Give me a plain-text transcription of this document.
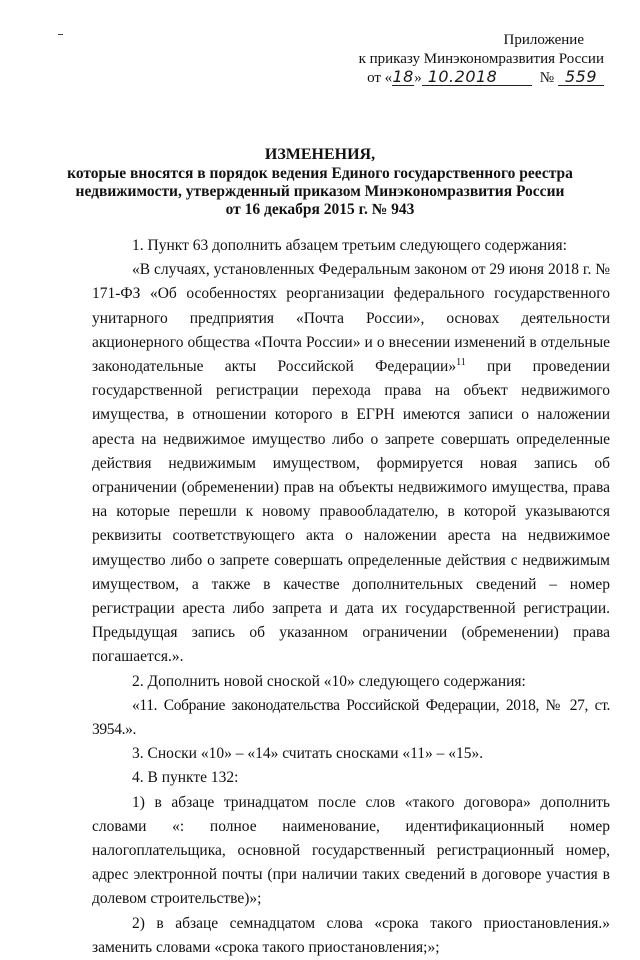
Приложение
к приказу Минэкономразвития России
от « 18 » 10.2018	№ 559
ИЗМЕНЕНИЯ,
которые вносятся в порядок ведения Единого государственного реестра
недвижимости, утвержденный приказом Минэкономразвития России
от 16 декабря 2015 г. № 943

1. Пункт 63 дополнить абзацем третьим следующего содержания:

«В случаях, установленных Федеральным законом от 29 июня 2018 г. № 171-ФЗ «Об особенностях реорганизации федерального государственного унитарного предприятия «Почта России», основах деятельности акционерного общества «Почта России» и о внесении изменений в отдельные законодательные акты Российской Федерации»$^{11}$ при проведении государственной регистрации перехода права на объект недвижимого имущества, в отношении которого в ЕГРН имеются записи о наложении ареста на недвижимое имущество либо о запрете совершать определенные действия недвижимым имуществом, формируется новая запись об ограничении (обременении) прав на объекты недвижимого имущества, права на которые перешли к новому правообладателю, в которой указываются реквизиты соответствующего акта о наложении ареста на недвижимое имущество либо о запрете совершать определенные действия с недвижимым имуществом, а также в качестве дополнительных сведений – номер регистрации ареста либо запрета и дата их государственной регистрации. Предыдущая запись об указанном ограничении (обременении) права погашается.».

2. Дополнить новой сноской «10» следующего содержания:

«11. Собрание законодательства Российской Федерации, 2018, № 27, ст. 3954.».

3. Сноски «10» – «14» считать сносками «11» – «15».

4. В пункте 132:

1) в абзаце тринадцатом после слов «такого договора» дополнить словами «: полное наименование, идентификационный номер налогоплательщика, основной государственный регистрационный номер, адрес электронной почты (при наличии таких сведений в договоре участия в долевом строительстве)»;

2) в абзаце семнадцатом слова «срока такого приостановления.» заменить словами «срока такого приостановления;»;
